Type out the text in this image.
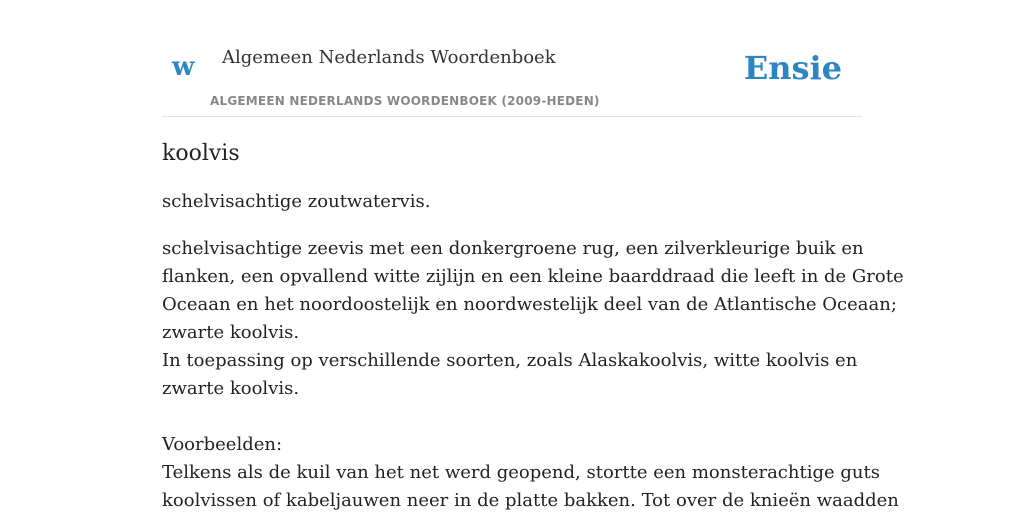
w Algemeen Nederlands Woordenboek
ALGEMEEN NEDERLANDS WOORDENBOEK (2009-HEDEN)
Ensie
koolvis

schelvisachtige zoutwatervis.

schelvisachtige zeevis met een donkergroene rug, een zilverkleurige buik en
flanken, een opvallend witte zijlijn en een kleine baarddraad die leeft in de Grote
Oceaan en het noordoostelijk en noordwestelijk deel van de Atlantische Oceaan;
zwarte koolvis.
In toepassing op verschillende soorten, zoals Alaskakoolvis, witte koolvis en
zwarte koolvis.
Voorbeelden:
Telkens als de kuil van het net werd geopend, stortte een monsterachtige guts
koolvissen of kabeljauwen neer in de platte bakken. Tot over de knieën waadden
